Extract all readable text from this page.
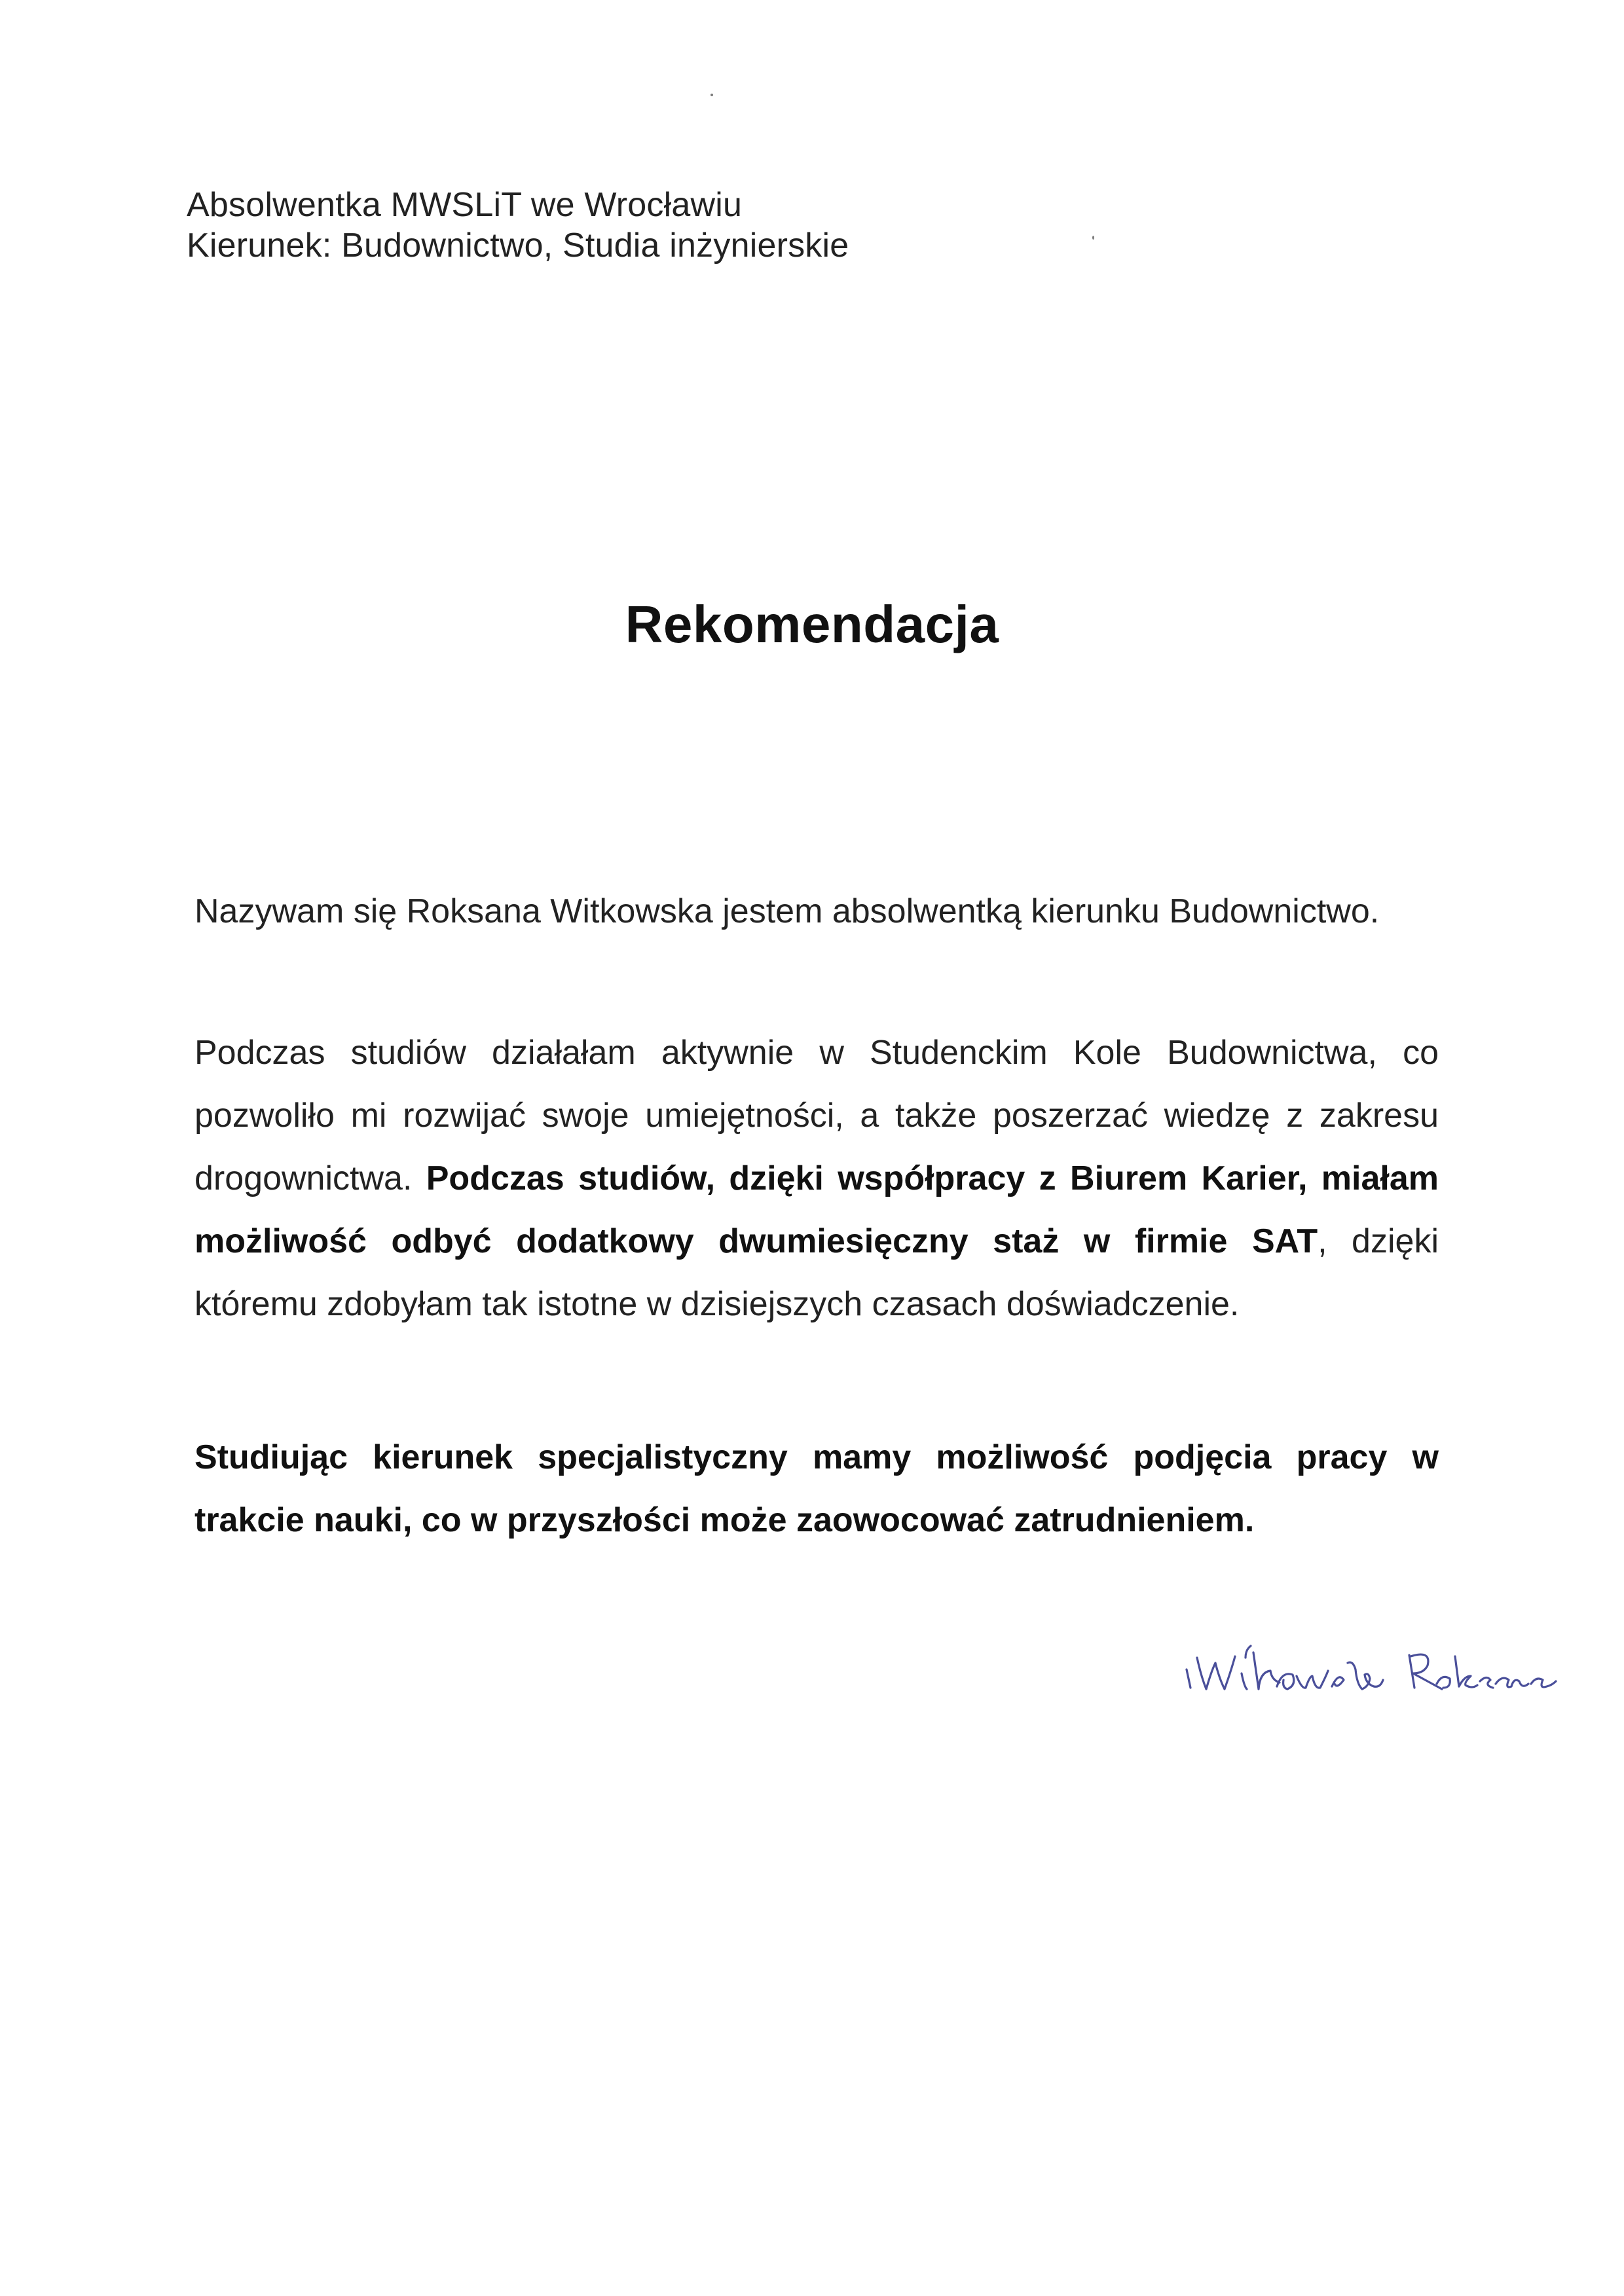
Absolwentka MWSLiT we Wrocławiu
Kierunek: Budownictwo, Studia inżynierskie
Rekomendacja
Nazywam się Roksana Witkowska jestem absolwentką kierunku Budownictwo.
Podczas studiów działałam aktywnie w Studenckim Kole Budownictwa, co pozwoliło mi rozwijać swoje umiejętności, a także poszerzać wiedzę z zakresu drogownictwa. Podczas studiów, dzięki współpracy z Biurem Karier, miałam możliwość odbyć dodatkowy dwumiesięczny staż w firmie SAT, dzięki któremu zdobyłam tak istotne w dzisiejszych czasach doświadczenie.
Studiując kierunek specjalistyczny mamy możliwość podjęcia pracy w trakcie nauki, co w przyszłości może zaowocować zatrudnieniem.
Witkowska Roksana
